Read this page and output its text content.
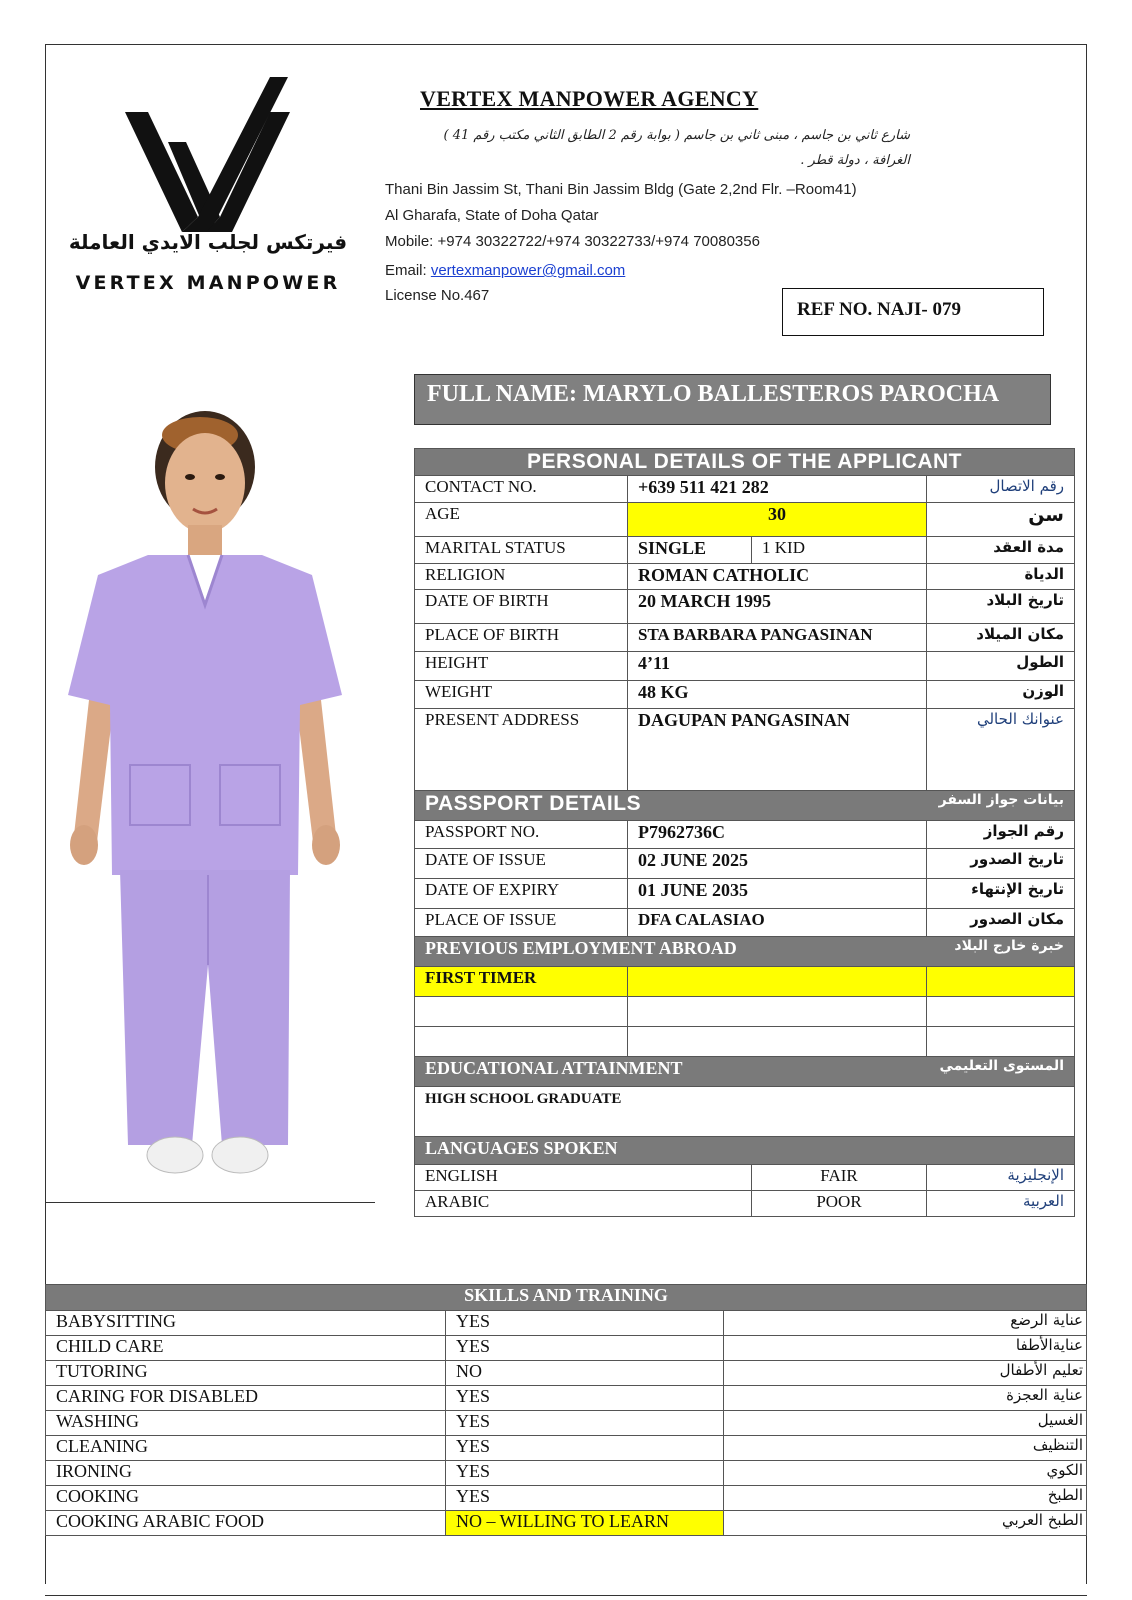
فيرتكس لجلب الايدي العاملة
VERTEX MANPOWER
VERTEX MANPOWER AGENCY
شارع ثاني بن جاسم ، مبنى ثاني بن جاسم ( بوابة رقم 2 الطابق الثاني مكتب رقم 41 )
الغرافة ، دولة قطر .
Thani Bin Jassim St, Thani Bin Jassim Bldg (Gate 2,2nd Flr. –Room41)
Al Gharafa, State of Doha Qatar
Mobile: +974 30322722/+974 30322733/+974 70080356
Email: vertexmanpower@gmail.com
License No.467
REF NO. NAJI- 079
FULL NAME: MARYLO BALLESTEROS PAROCHA
PERSONAL DETAILS OF THE APPLICANT			
CONTACT NO.	+639 511 421 282		رقم الاتصال
AGE	30		سن
MARITAL STATUS	SINGLE	1 KID	مدة العقد
RELIGION	ROMAN CATHOLIC		الدياة
DATE OF BIRTH	20 MARCH 1995		تاريخ البلاد
PLACE OF BIRTH	STA BARBARA PANGASINAN		مكان الميلاد
HEIGHT	4’11		الطول
WEIGHT	48 KG		الوزن
PRESENT ADDRESS	DAGUPAN PANGASINAN		عنوانك الحالي
PASSPORT DETAILS			بيانات جواز السفر
PASSPORT NO.	P7962736C		رقم الجواز
DATE OF ISSUE	02 JUNE 2025		تاريخ الصدور
DATE OF EXPIRY	01 JUNE 2035		تاريخ الإنتهاء
PLACE OF ISSUE	DFA CALASIAO		مكان الصدور
PREVIOUS EMPLOYMENT ABROAD			خبرة خارج البلاد
FIRST TIMER			

EDUCATIONAL ATTAINMENT			المستوى التعليمي
HIGH SCHOOL GRADUATE			
LANGUAGES SPOKEN			
ENGLISH		FAIR	الإنجليزية
ARABIC		POOR	العربية
SKILLS AND TRAINING		
BABYSITTING	YES	عناية الرضع
CHILD CARE	YES	عنايةالأطفا
TUTORING	NO	تعليم الأطفال
CARING FOR DISABLED	YES	عناية العجزة
WASHING	YES	الغسيل
CLEANING	YES	التنظيف
IRONING	YES	الكوي
COOKING	YES	الطبخ
COOKING ARABIC FOOD	NO – WILLING TO LEARN	الطبخ العربي
